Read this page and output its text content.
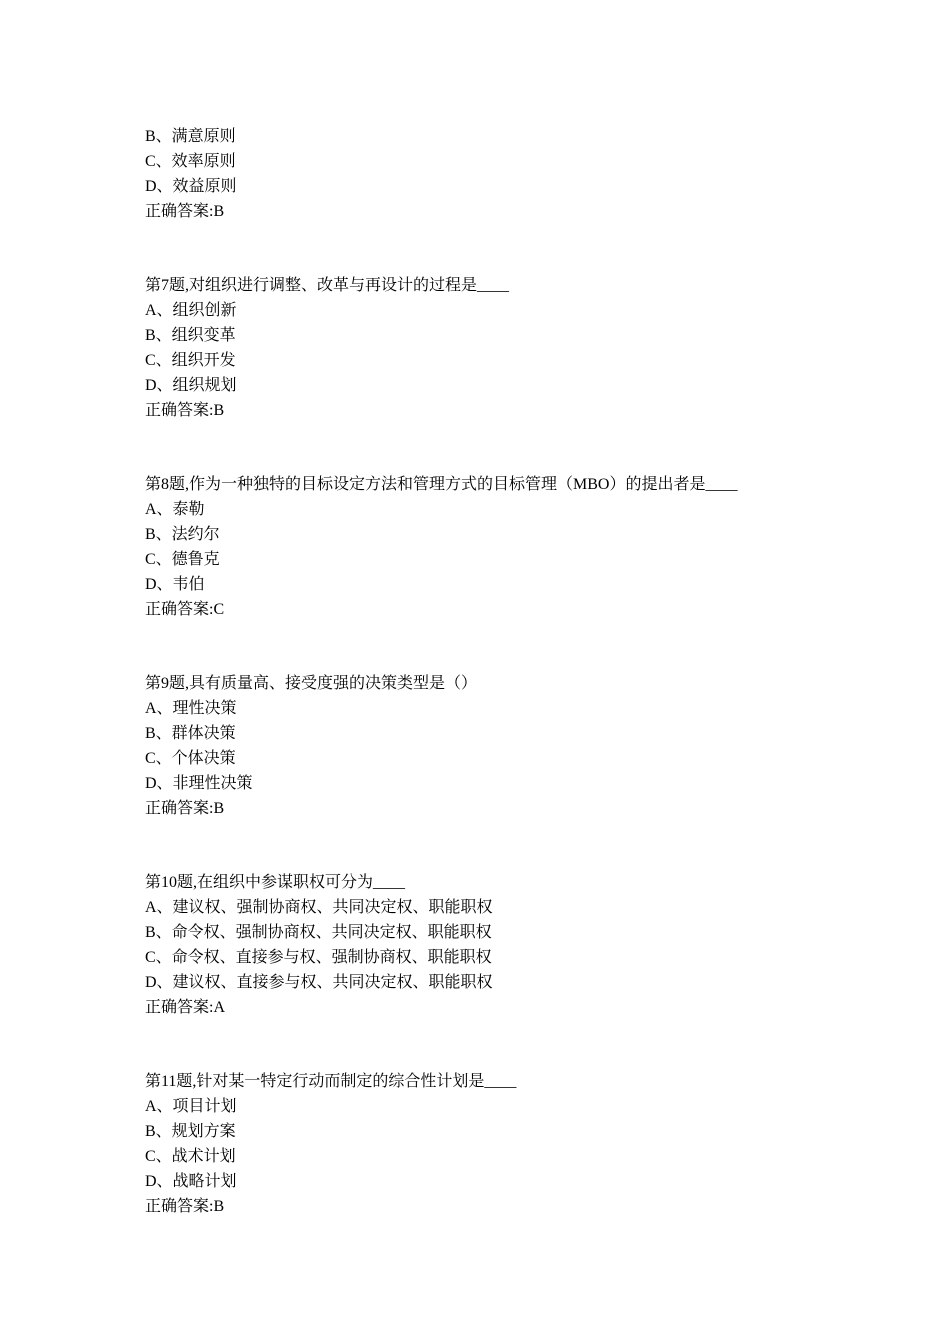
B、满意原则
C、效率原则
D、效益原则
正确答案:B
第7题,对组织进行调整、改革与再设计的过程是____
A、组织创新
B、组织变革
C、组织开发
D、组织规划
正确答案:B
第8题,作为一种独特的目标设定方法和管理方式的目标管理（MBO）的提出者是____
A、泰勒
B、法约尔
C、德鲁克
D、韦伯
正确答案:C
第9题,具有质量高、接受度强的决策类型是（）
A、理性决策
B、群体决策
C、个体决策
D、非理性决策
正确答案:B
第10题,在组织中参谋职权可分为____
A、建议权、强制协商权、共同决定权、职能职权
B、命令权、强制协商权、共同决定权、职能职权
C、命令权、直接参与权、强制协商权、职能职权
D、建议权、直接参与权、共同决定权、职能职权
正确答案:A
第11题,针对某一特定行动而制定的综合性计划是____
A、项目计划
B、规划方案
C、战术计划
D、战略计划
正确答案:B
